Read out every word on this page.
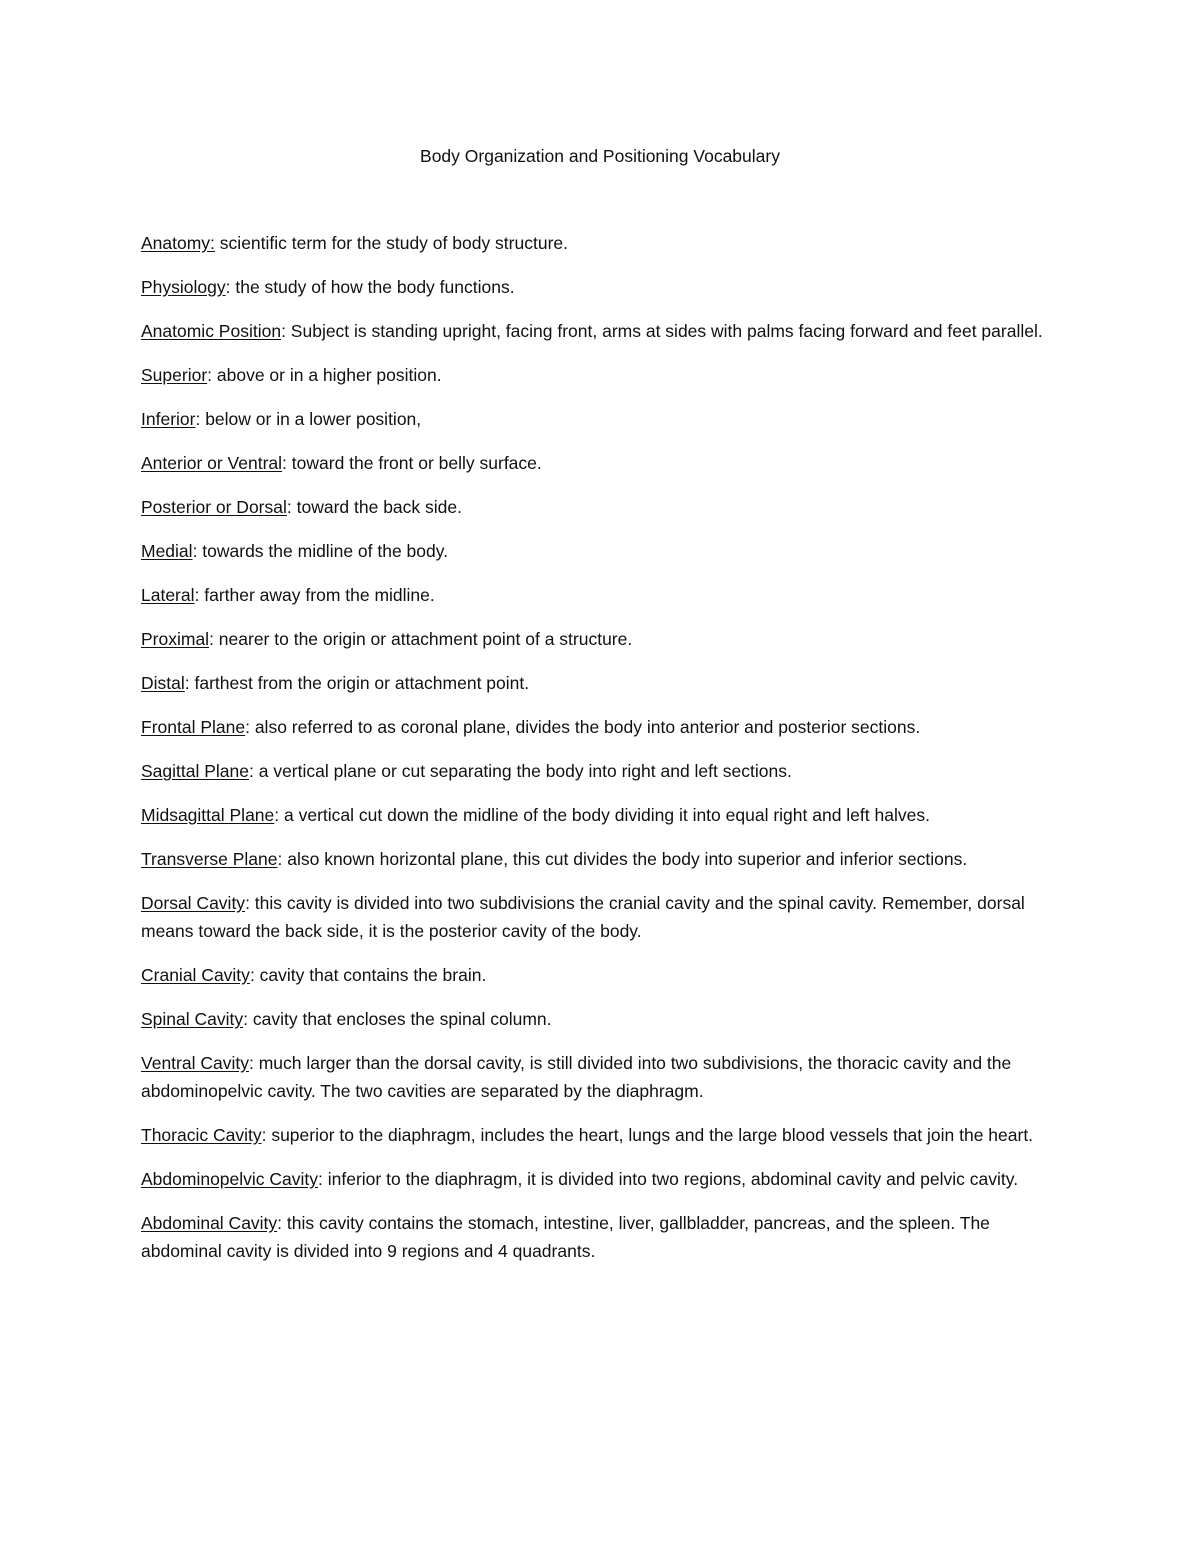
Body Organization and Positioning Vocabulary

Anatomy: scientific term for the study of body structure.

Physiology: the study of how the body functions.

Anatomic Position: Subject is standing upright, facing front, arms at sides with palms facing forward and feet parallel.

Superior: above or in a higher position.

Inferior: below or in a lower position,

Anterior or Ventral: toward the front or belly surface.

Posterior or Dorsal: toward the back side.

Medial: towards the midline of the body.

Lateral: farther away from the midline.

Proximal: nearer to the origin or attachment point of a structure.

Distal: farthest from the origin or attachment point.

Frontal Plane: also referred to as coronal plane, divides the body into anterior and posterior sections.

Sagittal Plane: a vertical plane or cut separating the body into right and left sections.

Midsagittal Plane: a vertical cut down the midline of the body dividing it into equal right and left halves.

Transverse Plane: also known horizontal plane, this cut divides the body into superior and inferior sections.

Dorsal Cavity: this cavity is divided into two subdivisions the cranial cavity and the spinal cavity. Remember, dorsal means toward the back side, it is the posterior cavity of the body.

Cranial Cavity: cavity that contains the brain.

Spinal Cavity: cavity that encloses the spinal column.

Ventral Cavity: much larger than the dorsal cavity, is still divided into two subdivisions, the thoracic cavity and the abdominopelvic cavity. The two cavities are separated by the diaphragm.

Thoracic Cavity: superior to the diaphragm, includes the heart, lungs and the large blood vessels that join the heart.

Abdominopelvic Cavity: inferior to the diaphragm, it is divided into two regions, abdominal cavity and pelvic cavity.

Abdominal Cavity: this cavity contains the stomach, intestine, liver, gallbladder, pancreas, and the spleen. The abdominal cavity is divided into 9 regions and 4 quadrants.
